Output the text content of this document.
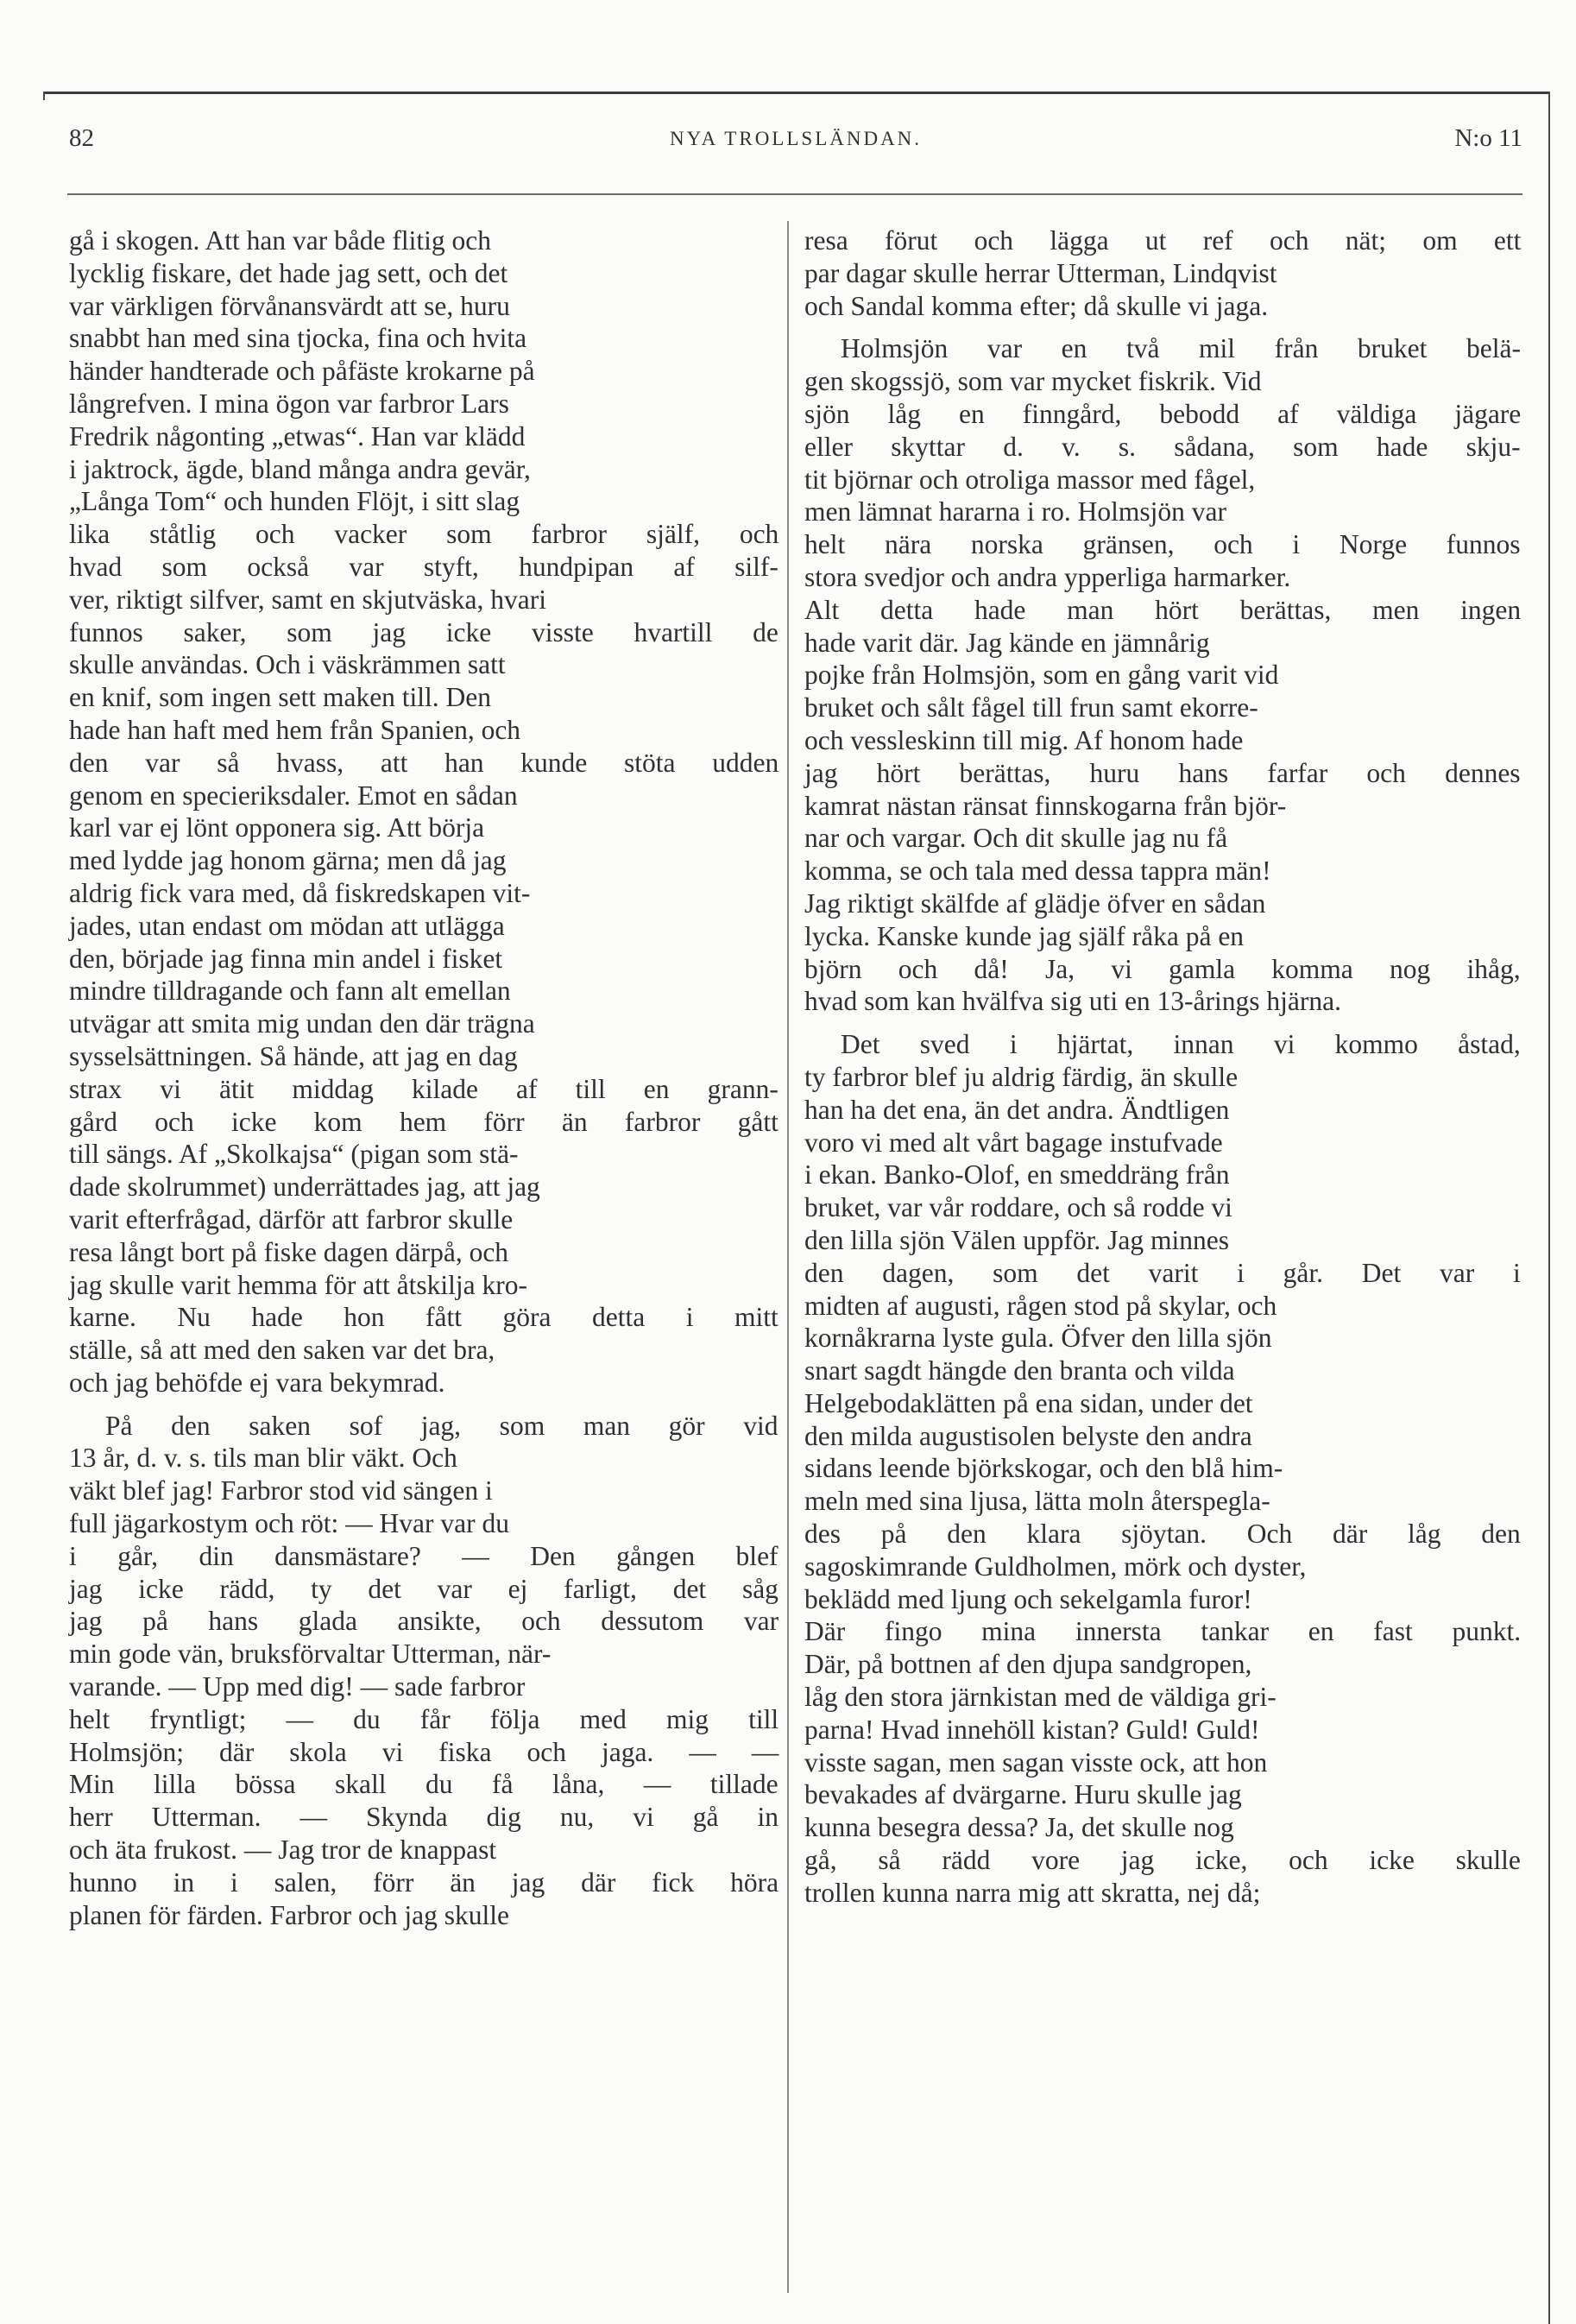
82	NYA TROLLSLÄNDAN.	N:o 11

gå i skogen. Att han var både flitig och
lycklig fiskare, det hade jag sett, och det
var värkligen förvånansvärdt att se, huru
snabbt han med sina tjocka, fina och hvita
händer handterade och påfäste krokarne på
långrefven. I mina ögon var farbror Lars
Fredrik någonting „etwas“. Han var klädd
i jaktrock, ägde, bland många andra gevär,
„Långa Tom“ och hunden Flöjt, i sitt slag
lika ståtlig och vacker som farbror själf, och
hvad som också var styft, hundpipan af silf-
ver, riktigt silfver, samt en skjutväska, hvari
funnos saker, som jag icke visste hvartill de
skulle användas. Och i väskrämmen satt
en knif, som ingen sett maken till. Den
hade han haft med hem från Spanien, och
den var så hvass, att han kunde stöta udden
genom en specieriksdaler. Emot en sådan
karl var ej lönt opponera sig. Att börja
med lydde jag honom gärna; men då jag
aldrig fick vara med, då fiskredskapen vit-
jades, utan endast om mödan att utlägga
den, började jag finna min andel i fisket
mindre tilldragande och fann alt emellan
utvägar att smita mig undan den där trägna
sysselsättningen. Så hände, att jag en dag
strax vi ätit middag kilade af till en grann-
gård och icke kom hem förr än farbror gått
till sängs. Af „Skolkajsa“ (pigan som stä-
dade skolrummet) underrättades jag, att jag
varit efterfrågad, därför att farbror skulle
resa långt bort på fiske dagen därpå, och
jag skulle varit hemma för att åtskilja kro-
karne. Nu hade hon fått göra detta i mitt
ställe, så att med den saken var det bra,
och jag behöfde ej vara bekymrad.

På den saken sof jag, som man gör vid
13 år, d. v. s. tils man blir väkt. Och
väkt blef jag! Farbror stod vid sängen i
full jägarkostym och röt: — Hvar var du
i går, din dansmästare? — Den gången blef
jag icke rädd, ty det var ej farligt, det såg
jag på hans glada ansikte, och dessutom var
min gode vän, bruksförvaltar Utterman, när-
varande. — Upp med dig! — sade farbror
helt fryntligt; — du får följa med mig till
Holmsjön; där skola vi fiska och jaga. — —
Min lilla bössa skall du få låna, — tillade
herr Utterman. — Skynda dig nu, vi gå in
och äta frukost. — Jag tror de knappast
hunno in i salen, förr än jag där fick höra
planen för färden. Farbror och jag skulle

resa förut och lägga ut ref och nät; om ett
par dagar skulle herrar Utterman, Lindqvist
och Sandal komma efter; då skulle vi jaga.

Holmsjön var en två mil från bruket belä-
gen skogssjö, som var mycket fiskrik. Vid
sjön låg en finngård, bebodd af väldiga jägare
eller skyttar d. v. s. sådana, som hade skju-
tit björnar och otroliga massor med fågel,
men lämnat hararna i ro. Holmsjön var
helt nära norska gränsen, och i Norge funnos
stora svedjor och andra ypperliga harmarker.
Alt detta hade man hört berättas, men ingen
hade varit där. Jag kände en jämnårig
pojke från Holmsjön, som en gång varit vid
bruket och sålt fågel till frun samt ekorre-
och vessleskinn till mig. Af honom hade
jag hört berättas, huru hans farfar och dennes
kamrat nästan ränsat finnskogarna från björ-
nar och vargar. Och dit skulle jag nu få
komma, se och tala med dessa tappra män!
Jag riktigt skälfde af glädje öfver en sådan
lycka. Kanske kunde jag själf råka på en
björn och då! Ja, vi gamla komma nog ihåg,
hvad som kan hvälfva sig uti en 13-årings hjärna.

Det sved i hjärtat, innan vi kommo åstad,
ty farbror blef ju aldrig färdig, än skulle
han ha det ena, än det andra. Ändtligen
voro vi med alt vårt bagage instufvade
i ekan. Banko-Olof, en smeddräng från
bruket, var vår roddare, och så rodde vi
den lilla sjön Välen uppför. Jag minnes
den dagen, som det varit i går. Det var i
midten af augusti, rågen stod på skylar, och
kornåkrarna lyste gula. Öfver den lilla sjön
snart sagdt hängde den branta och vilda
Helgebodaklätten på ena sidan, under det
den milda augustisolen belyste den andra
sidans leende björkskogar, och den blå him-
meln med sina ljusa, lätta moln återspegla-
des på den klara sjöytan. Och där låg den
sagoskimrande Guldholmen, mörk och dyster,
beklädd med ljung och sekelgamla furor!
Där fingo mina innersta tankar en fast punkt.
Där, på bottnen af den djupa sandgropen,
låg den stora järnkistan med de väldiga gri-
parna! Hvad innehöll kistan? Guld! Guld!
visste sagan, men sagan visste ock, att hon
bevakades af dvärgarne. Huru skulle jag
kunna besegra dessa? Ja, det skulle nog
gå, så rädd vore jag icke, och icke skulle
trollen kunna narra mig att skratta, nej då;
